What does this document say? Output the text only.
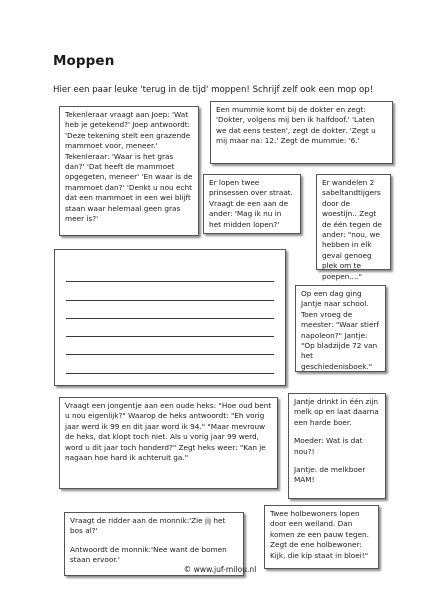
Moppen
Hier een paar leuke 'terug in de tijd' moppen! Schrijf zelf ook een mop op!

Tekenleraar vraagt aan Joep: 'Wat heb je getekend?' Joep antwoordt: 'Deze tekening stelt een grazende mammoet voor, meneer.' Tekenleraar: 'Waar is het gras dan?' 'Dat heeft de mammoet opgegeten, meneer' 'En waar is de mammoet dan?' 'Denkt u nou echt dat een mammoet in een wei blijft staan waar helemaal geen gras meer is?'

Een mummie komt bij de dokter en zegt: 'Dokter, volgens mij ben ik halfdoof.' 'Laten we dat eens testen', zegt de dokter. 'Zegt u mij maar na: 12.' Zegt de mummie: '6.'

Er lopen twee prinsessen over straat. Vraagt de een aan de ander: 'Mag ik nu in het midden lopen?'

Er wandelen 2 sabeltandtijgers door de woestijn.. Zegt de één tegen de ander: "nou, we hebben in elk geval genoeg plek om te poepen...."

Op een dag ging Jantje naar school. Toen vroeg de meester: "Waar stierf napoleon?" Jantje: "Op bladzijde 72 van het geschiedenisboek."

Vraagt een jongentje aan een oude heks: "Hoe oud bent u nou eigenlijk?" Waarop de heks antwoordt: "Eh vorig jaar werd ik 99 en dit jaar word ik 94." "Maar mevrouw de heks, dat klopt toch niet. Als u vorig jaar 99 werd, word u dit jaar toch honderd?" Zegt heks weer: "Kan je nagaan hoe hard ik achteruit ga."

Jantje drinkt in één zijn melk op en laat daarna een harde boer.

Moeder: Wat is dat nou?!

Jantje: de melkboer MAM!

Vraagt de ridder aan de monnik:'Zie jij het bos al?'

Antwoordt de monnik:'Nee want de bomen staan ervoor.'

Twee holbewoners lopen door een weiland. Dan komen ze een pauw tegen. Zegt de ene holbewoner: Kijk, die kip staat in bloei!"

© www.juf-milou.nl
